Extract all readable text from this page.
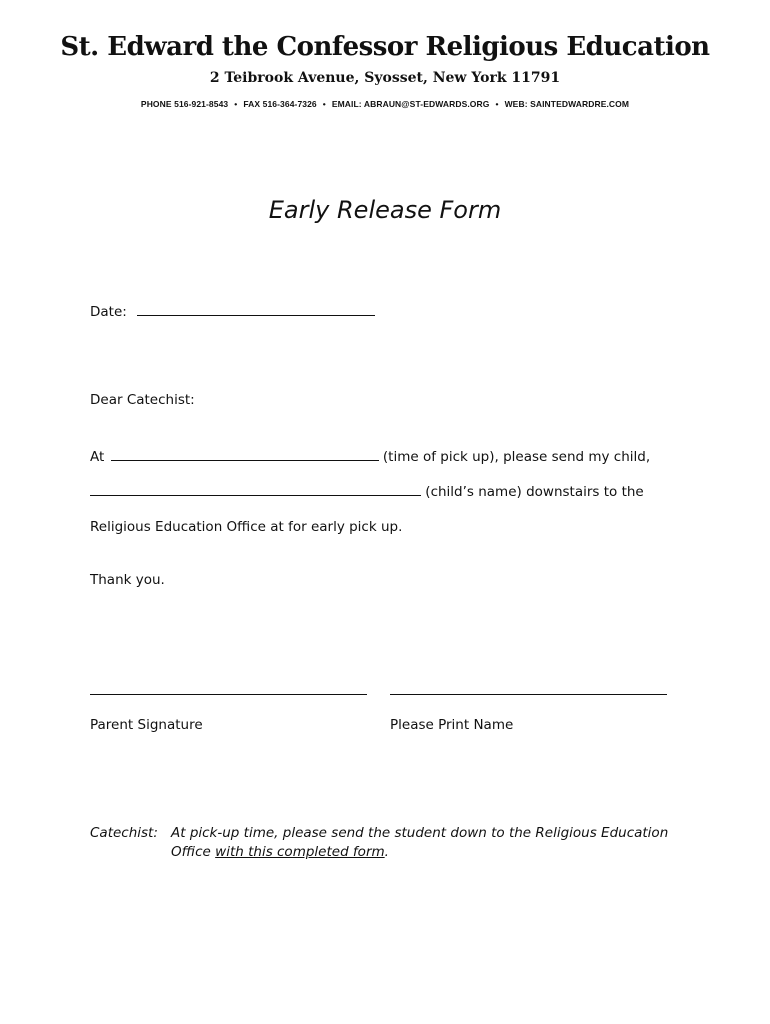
St. Edward the Confessor Religious Education
2 Teibrook Avenue, Syosset, New York 11791
PHONE 516-921-8543 • FAX 516-364-7326 • EMAIL: ABRAUN@ST-EDWARDS.ORG • WEB: SAINTEDWARDRE.COM
Early Release Form
Date:
Dear Catechist:
At	(time of pick up), please send my child,
(child’s name) downstairs to the
Religious Education Office at for early pick up.
Thank you.
Parent Signature	Please Print Name
Catechist: At pick-up time, please send the student down to the Religious Education
Office with this completed form.
